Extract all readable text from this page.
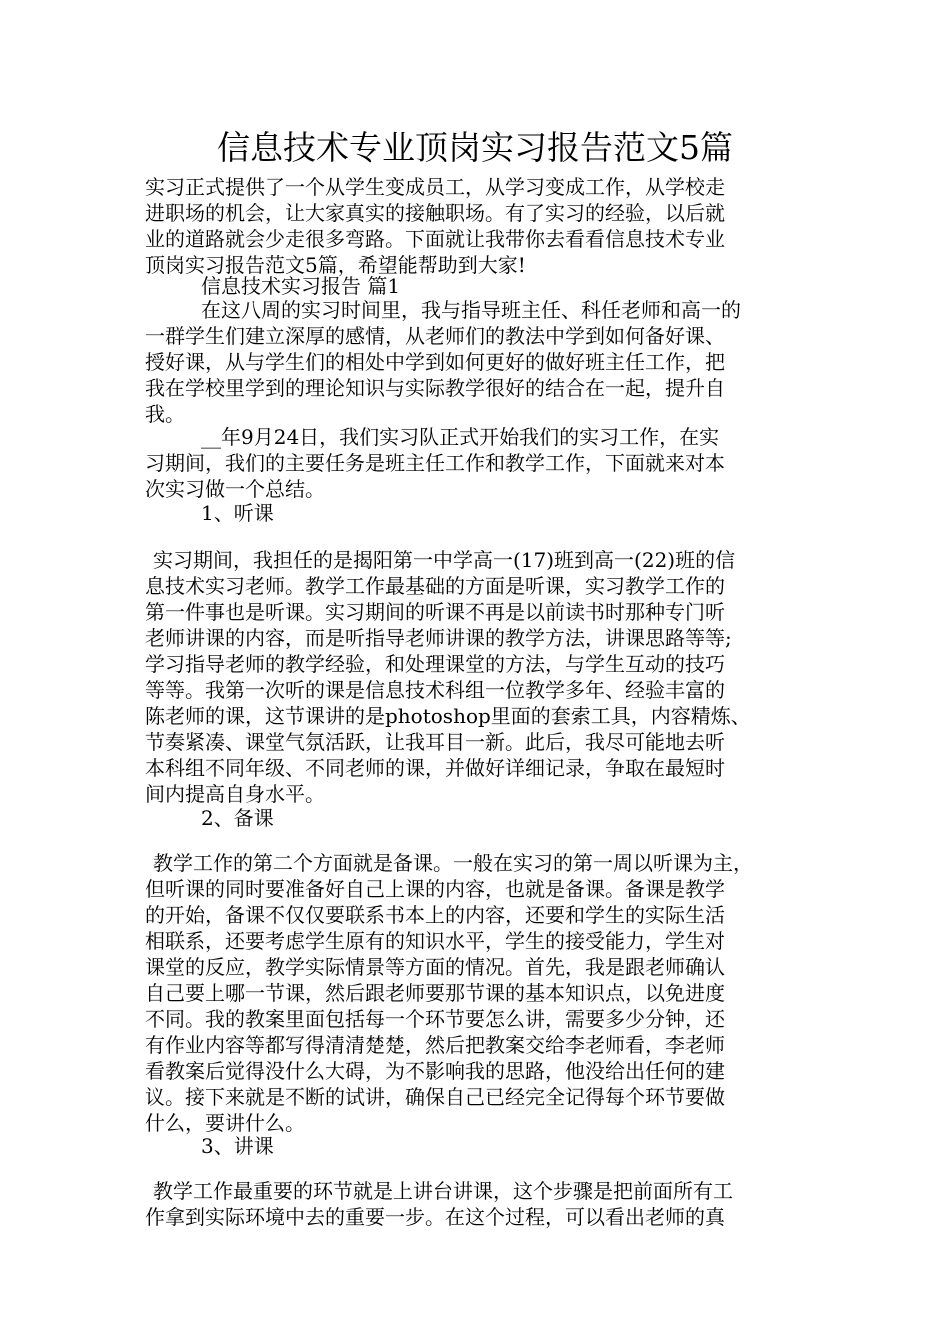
信息技术专业顶岗实习报告范文5篇
实习正式提供了一个从学生变成员工，从学习变成工作，从学校走
进职场的机会，让大家真实的接触职场。有了实习的经验，以后就
业的道路就会少走很多弯路。下面就让我带你去看看信息技术专业
顶岗实习报告范文5篇，希望能帮助到大家!
信息技术实习报告 篇1
在这八周的实习时间里，我与指导班主任、科任老师和高一的
一群学生们建立深厚的感情，从老师们的教法中学到如何备好课、
授好课，从与学生们的相处中学到如何更好的做好班主任工作，把
我在学校里学到的理论知识与实际教学很好的结合在一起，提升自
我。
__年9月24日，我们实习队正式开始我们的实习工作，在实
习期间，我们的主要任务是班主任工作和教学工作，下面就来对本
次实习做一个总结。
1、听课
实习期间，我担任的是揭阳第一中学高一(17)班到高一(22)班的信
息技术实习老师。教学工作最基础的方面是听课，实习教学工作的
第一件事也是听课。实习期间的听课不再是以前读书时那种专门听
老师讲课的内容，而是听指导老师讲课的教学方法，讲课思路等等;
学习指导老师的教学经验，和处理课堂的方法，与学生互动的技巧
等等。我第一次听的课是信息技术科组一位教学多年、经验丰富的
陈老师的课，这节课讲的是photoshop里面的套索工具，内容精炼、
节奏紧凑、课堂气氛活跃，让我耳目一新。此后，我尽可能地去听
本科组不同年级、不同老师的课，并做好详细记录，争取在最短时
间内提高自身水平。
2、备课
教学工作的第二个方面就是备课。一般在实习的第一周以听课为主，
但听课的同时要准备好自己上课的内容，也就是备课。备课是教学
的开始，备课不仅仅要联系书本上的内容，还要和学生的实际生活
相联系，还要考虑学生原有的知识水平，学生的接受能力，学生对
课堂的反应，教学实际情景等方面的情况。首先，我是跟老师确认
自己要上哪一节课，然后跟老师要那节课的基本知识点，以免进度
不同。我的教案里面包括每一个环节要怎么讲，需要多少分钟，还
有作业内容等都写得清清楚楚，然后把教案交给李老师看，李老师
看教案后觉得没什么大碍，为不影响我的思路，他没给出任何的建
议。接下来就是不断的试讲，确保自己已经完全记得每个环节要做
什么，要讲什么。
3、讲课
教学工作最重要的环节就是上讲台讲课，这个步骤是把前面所有工
作拿到实际环境中去的重要一步。在这个过程，可以看出老师的真
